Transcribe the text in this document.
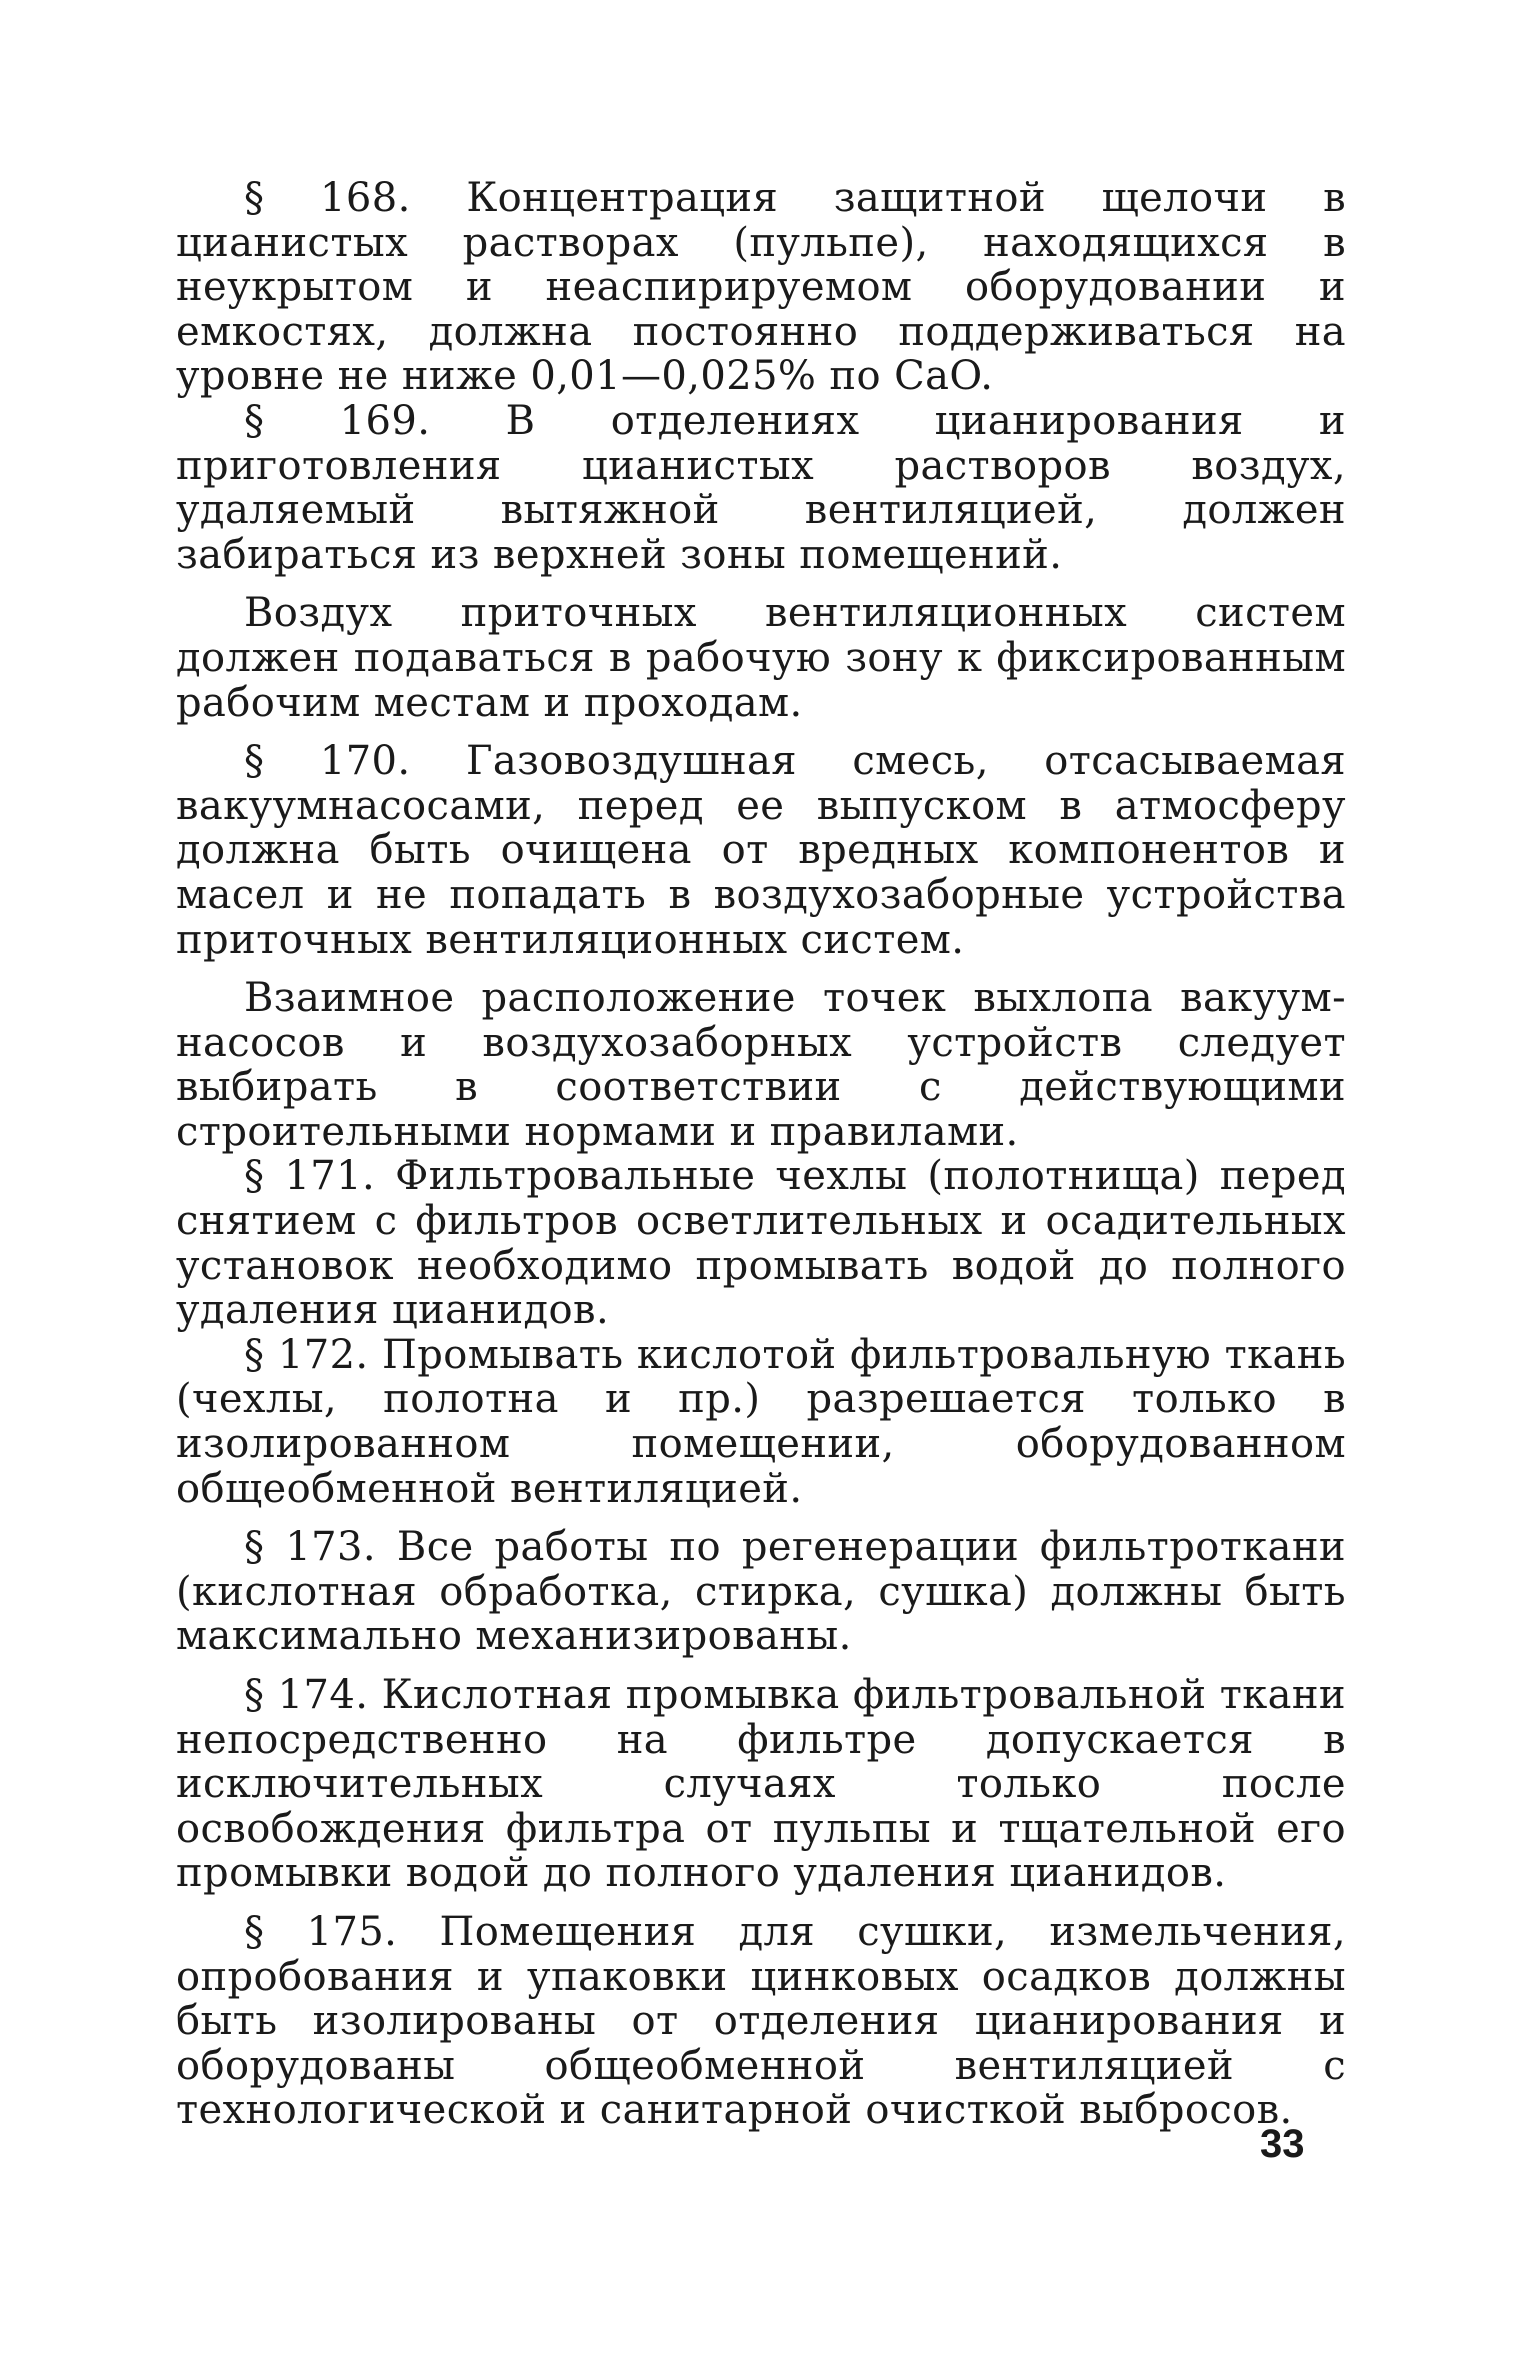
§ 168. Концентрация защитной щелочи в цианистых растворах (пульпе), находящихся в неукрытом и неаспирируемом оборудовании и емкостях, должна постоянно поддерживаться на уровне не ниже 0,01—0,025% по CaO.

§ 169. В отделениях цианирования и приготовления цианистых растворов воздух, удаляемый вытяжной вентиляцией, должен забираться из верхней зоны помещений.

Воздух приточных вентиляционных систем должен подаваться в рабочую зону к фиксированным рабочим местам и проходам.

§ 170. Газовоздушная смесь, отсасываемая вакуумнасосами, перед ее выпуском в атмосферу должна быть очищена от вредных компонентов и масел и не попадать в воздухозаборные устройства приточных вентиляционных систем.

Взаимное расположение точек выхлопа вакуум-насосов и воздухозаборных устройств следует выбирать в соответствии с действующими строительными нормами и правилами.

§ 171. Фильтровальные чехлы (полотнища) перед снятием с фильтров осветлительных и осадительных установок необходимо промывать водой до полного удаления цианидов.

§ 172. Промывать кислотой фильтровальную ткань (чехлы, полотна и пр.) разрешается только в изолированном помещении, оборудованном общеобменной вентиляцией.

§ 173. Все работы по регенерации фильтроткани (кислотная обработка, стирка, сушка) должны быть максимально механизированы.

§ 174. Кислотная промывка фильтровальной ткани непосредственно на фильтре допускается в исключительных случаях только после освобождения фильтра от пульпы и тщательной его промывки водой до полного удаления цианидов.

§ 175. Помещения для сушки, измельчения, опробования и упаковки цинковых осадков должны быть изолированы от отделения цианирования и оборудованы общеобменной вентиляцией с технологической и санитарной очисткой выбросов.

33
